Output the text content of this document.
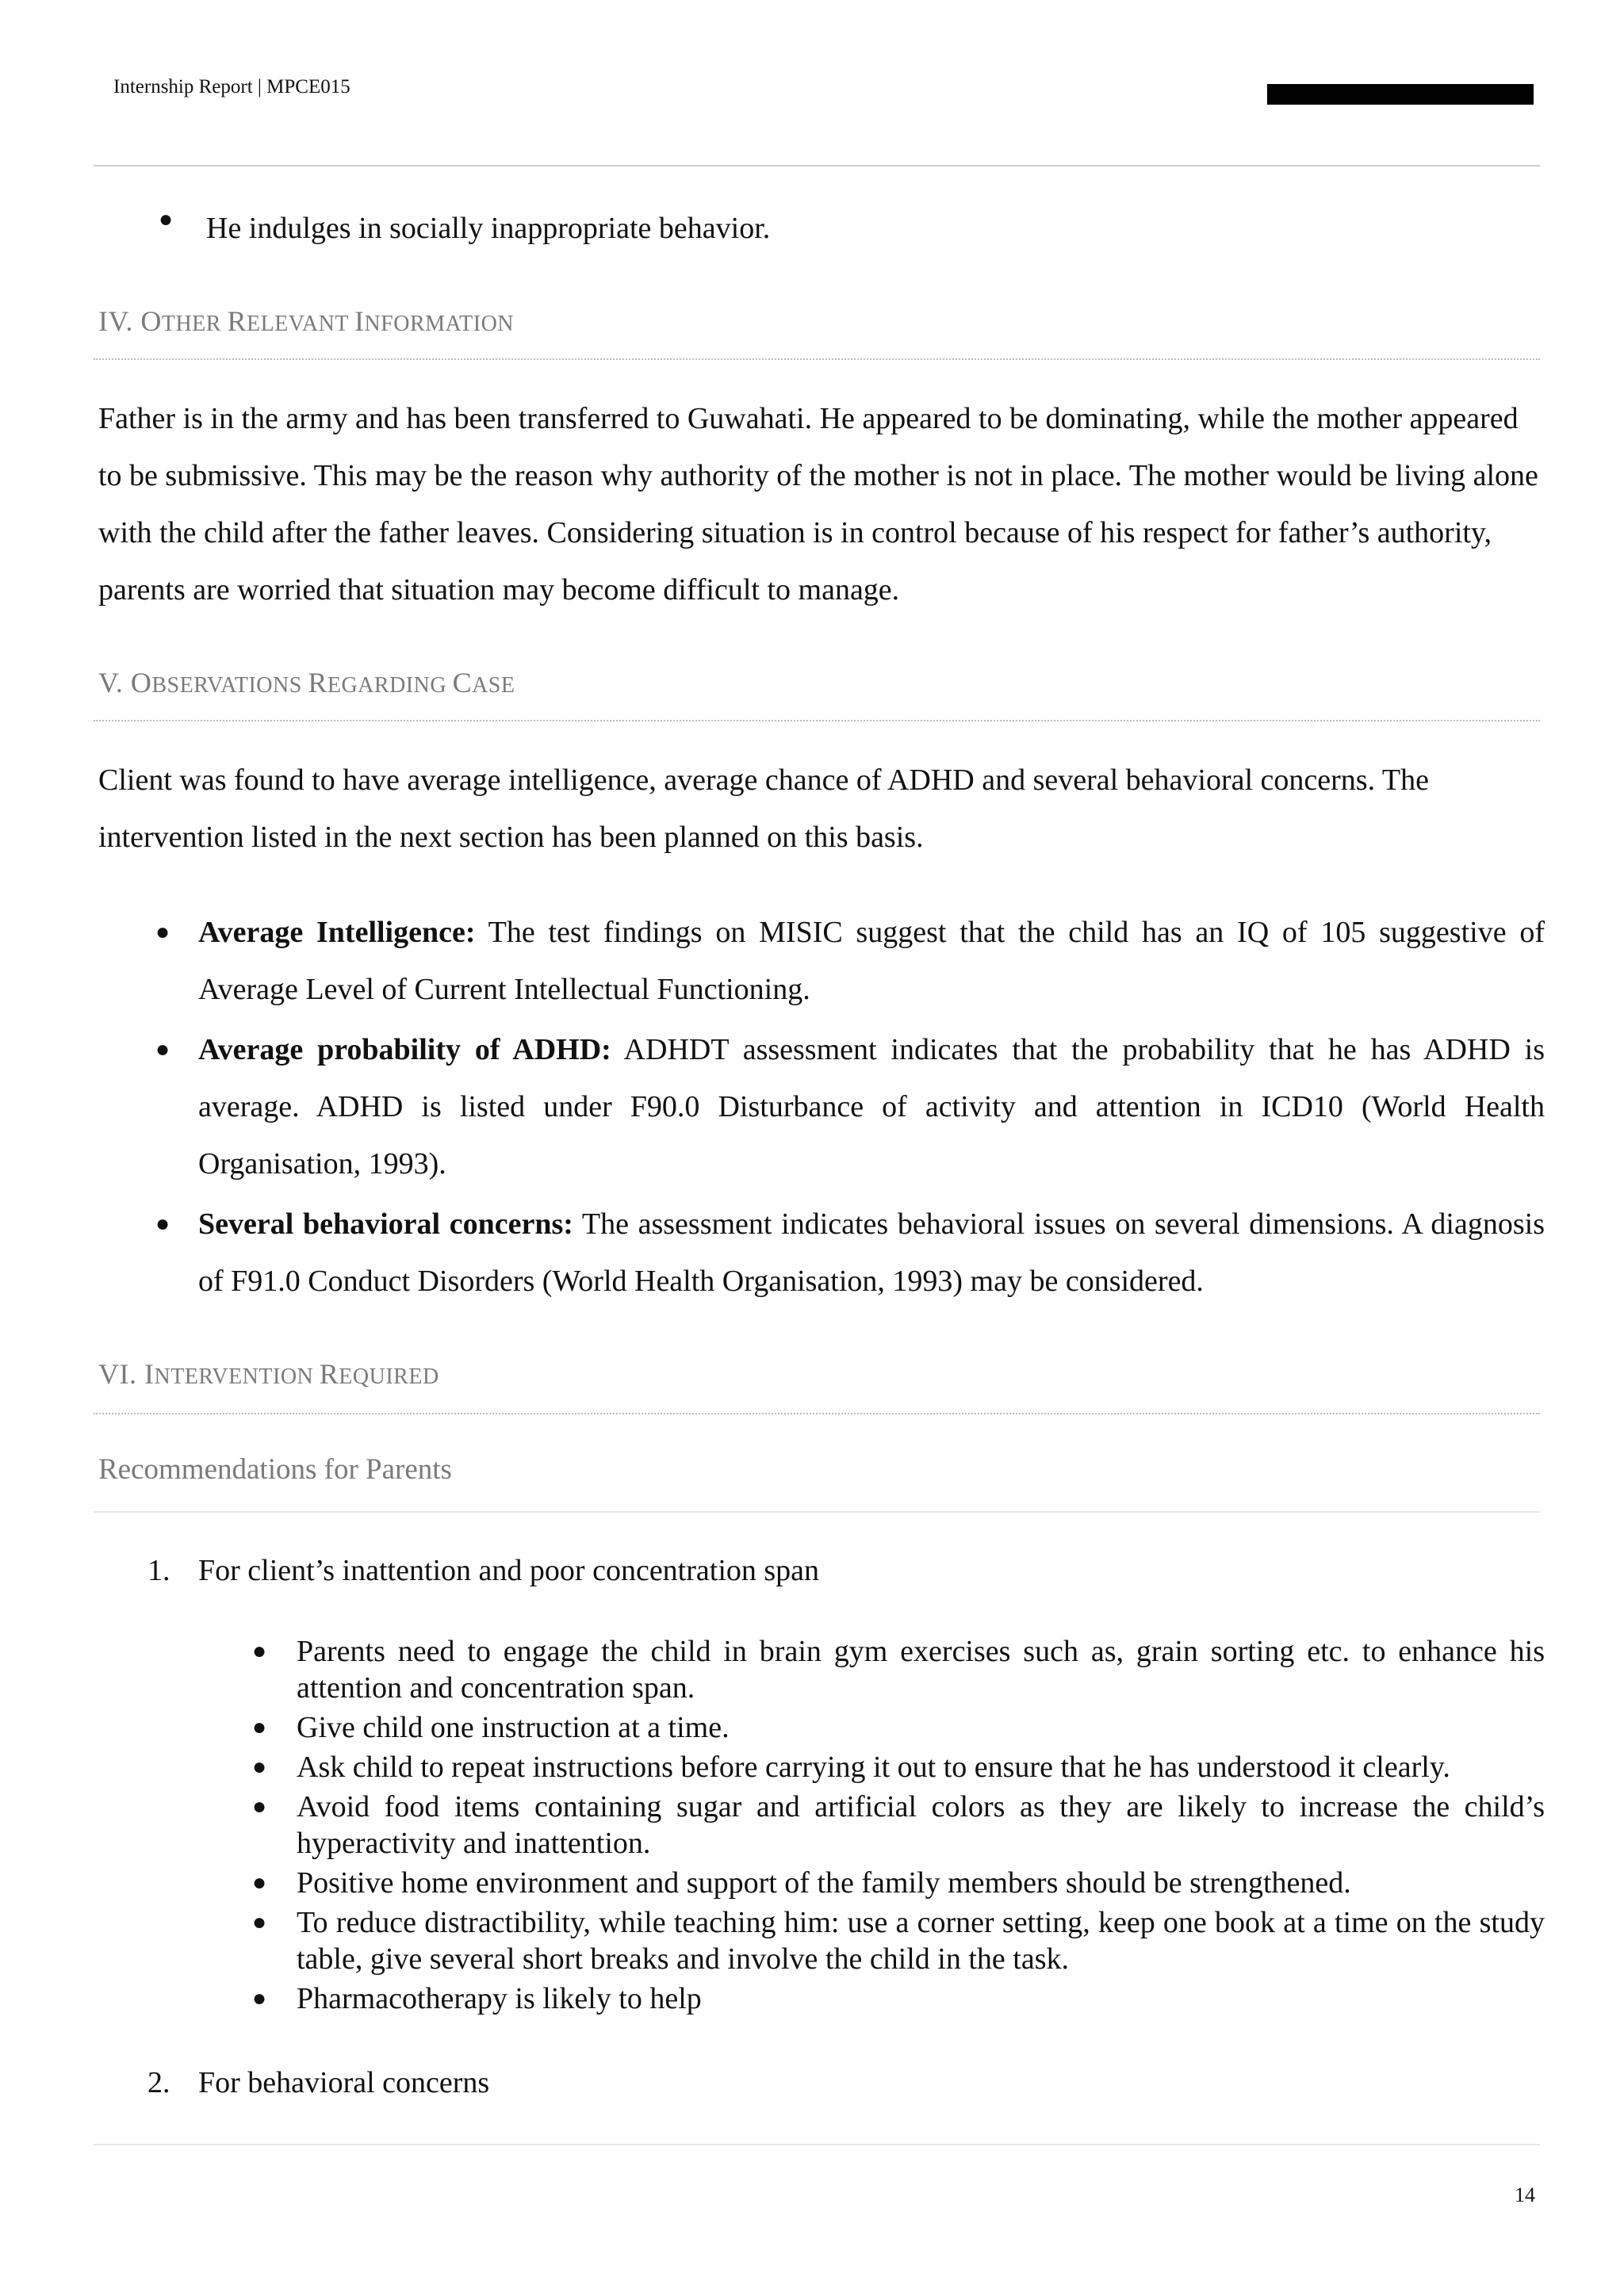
Internship Report | MPCE015
● He indulges in socially inappropriate behavior.
IV. OTHER RELEVANT INFORMATION
Father is in the army and has been transferred to Guwahati. He appeared to be dominating, while the mother appeared to be submissive. This may be the reason why authority of the mother is not in place. The mother would be living alone with the child after the father leaves. Considering situation is in control because of his respect for father’s authority, parents are worried that situation may become difficult to manage.
V. OBSERVATIONS REGARDING CASE
Client was found to have average intelligence, average chance of ADHD and several behavioral concerns. The intervention listed in the next section has been planned on this basis.
● Average Intelligence: The test findings on MISIC suggest that the child has an IQ of 105 suggestive of Average Level of Current Intellectual Functioning.
● Average probability of ADHD: ADHDT assessment indicates that the probability that he has ADHD is average. ADHD is listed under F90.0 Disturbance of activity and attention in ICD10 (World Health Organisation, 1993).
● Several behavioral concerns: The assessment indicates behavioral issues on several dimensions. A diagnosis of F91.0 Conduct Disorders (World Health Organisation, 1993) may be considered.
VI. INTERVENTION REQUIRED
Recommendations for Parents
1. For client’s inattention and poor concentration span
● Parents need to engage the child in brain gym exercises such as, grain sorting etc. to enhance his attention and concentration span.
● Give child one instruction at a time.
● Ask child to repeat instructions before carrying it out to ensure that he has understood it clearly.
● Avoid food items containing sugar and artificial colors as they are likely to increase the child’s hyperactivity and inattention.
● Positive home environment and support of the family members should be strengthened.
● To reduce distractibility, while teaching him: use a corner setting, keep one book at a time on the study table, give several short breaks and involve the child in the task.
● Pharmacotherapy is likely to help
2. For behavioral concerns
14
